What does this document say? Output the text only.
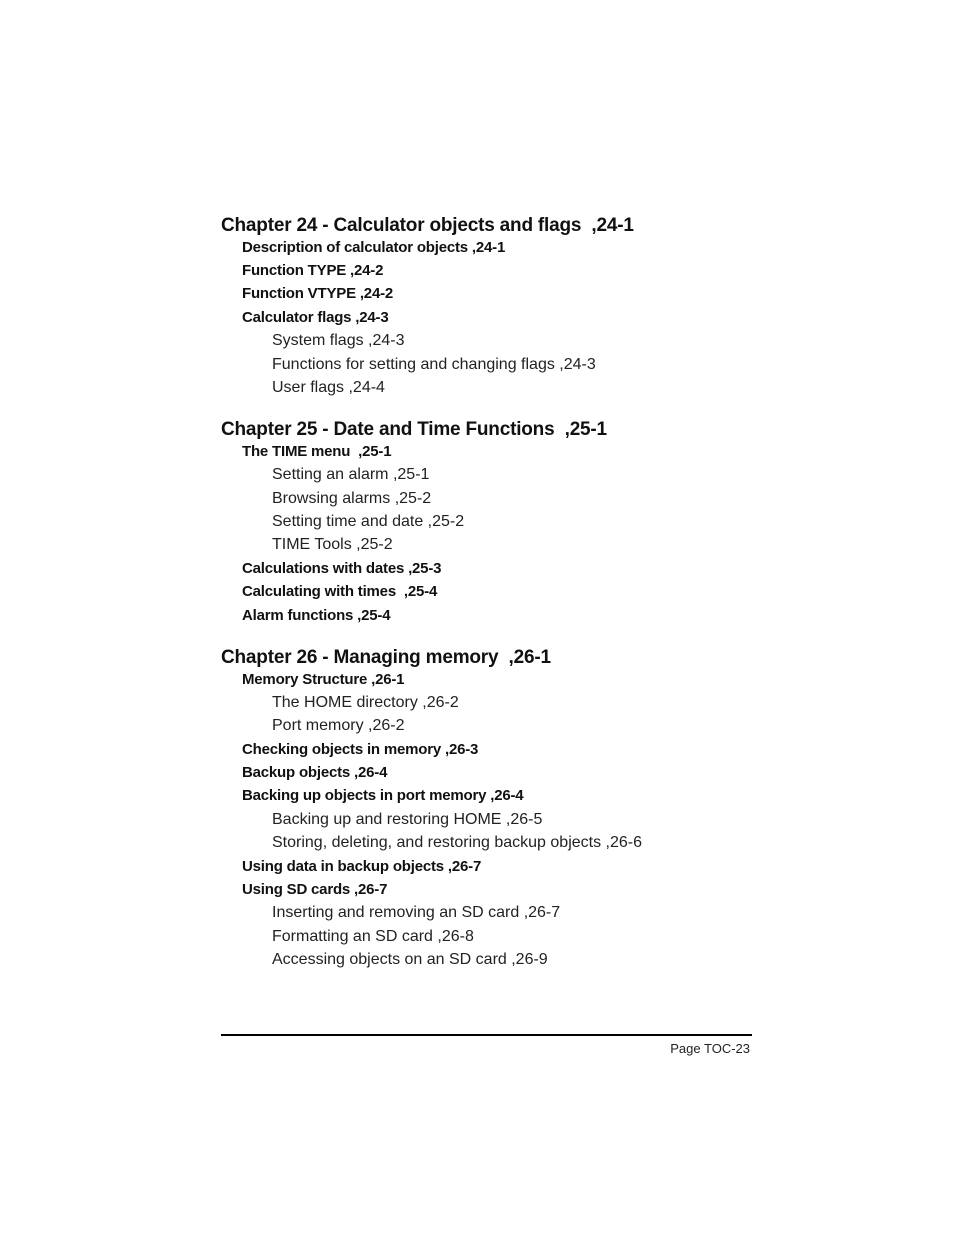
Chapter 24 - Calculator objects and flags  ,24-1
Description of calculator objects ,24-1
Function TYPE ,24-2
Function VTYPE ,24-2
Calculator flags ,24-3
System flags ,24-3
Functions for setting and changing flags ,24-3
User flags ,24-4
Chapter 25 - Date and Time Functions  ,25-1
The TIME menu  ,25-1
Setting an alarm ,25-1
Browsing alarms ,25-2
Setting time and date ,25-2
TIME Tools ,25-2
Calculations with dates ,25-3
Calculating with times  ,25-4
Alarm functions ,25-4
Chapter 26 - Managing memory  ,26-1
Memory Structure ,26-1
The HOME directory ,26-2
Port memory ,26-2
Checking objects in memory ,26-3
Backup objects ,26-4
Backing up objects in port memory ,26-4
Backing up and restoring HOME ,26-5
Storing, deleting, and restoring backup objects ,26-6
Using data in backup objects ,26-7
Using SD cards ,26-7
Inserting and removing an SD card ,26-7
Formatting an SD card ,26-8
Accessing objects on an SD card ,26-9
Page TOC-23
